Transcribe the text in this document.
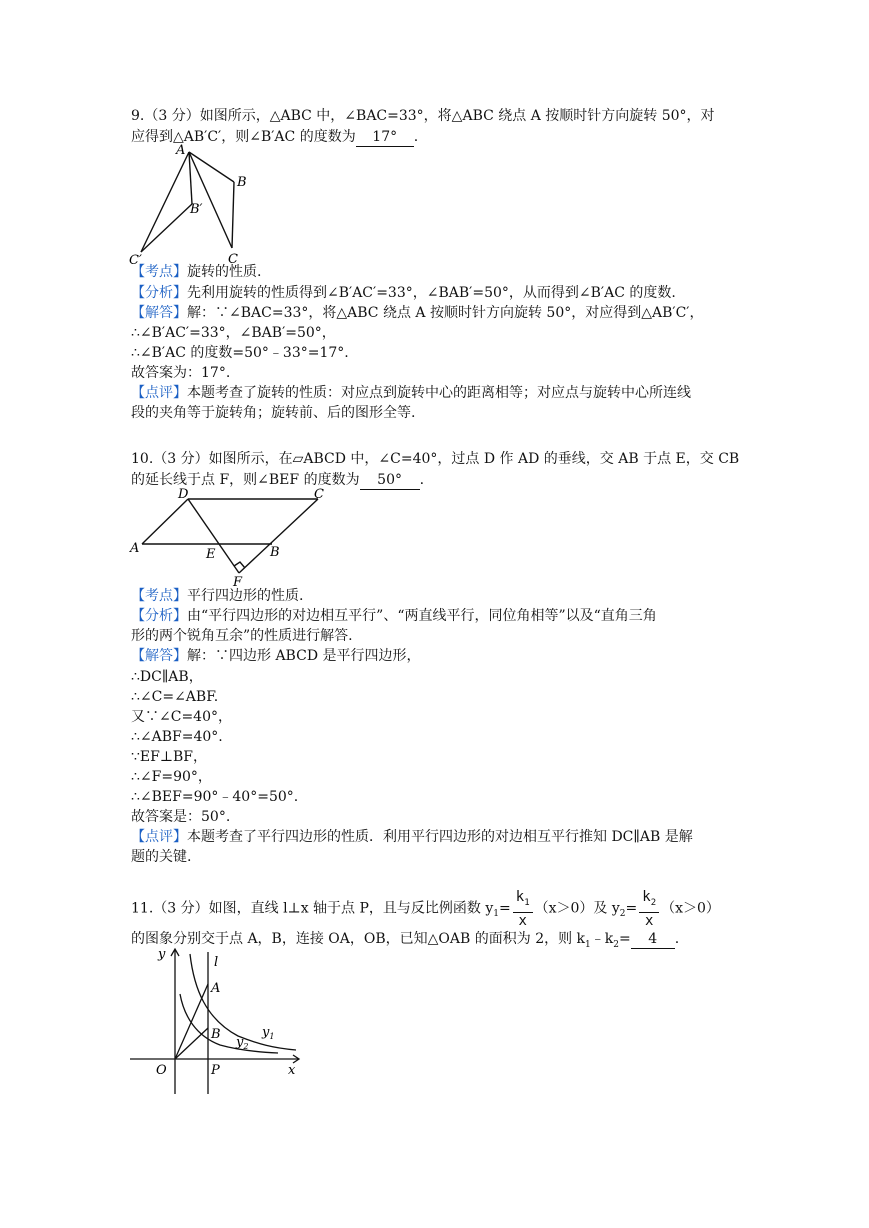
9.（3 分）如图所示，△ABC 中，∠BAC=33°，将△ABC 绕点 A 按顺时针方向旋转 50°，对
应得到△AB′C′，则∠B′AC 的度数为 17° .
A
B
B′
C
C′
【考点】旋转的性质.
【分析】先利用旋转的性质得到∠B′AC′=33°，∠BAB′=50°，从而得到∠B′AC 的度数.
【解答】解：∵∠BAC=33°，将△ABC 绕点 A 按顺时针方向旋转 50°，对应得到△AB′C′，
∴∠B′AC′=33°，∠BAB′=50°，
∴∠B′AC 的度数=50°﹣33°=17°.
故答案为：17°.
【点评】本题考查了旋转的性质：对应点到旋转中心的距离相等；对应点与旋转中心所连线
段的夹角等于旋转角；旋转前、后的图形全等.
10.（3 分）如图所示，在▱ABCD 中，∠C=40°，过点 D 作 AD 的垂线，交 AB 于点 E，交 CB
的延长线于点 F，则∠BEF 的度数为 50° .
D	C
A	E	B
F
【考点】平行四边形的性质.
【分析】由“平行四边形的对边相互平行”、“两直线平行，同位角相等”以及“直角三角
形的两个锐角互余”的性质进行解答.
【解答】解：∵四边形 ABCD 是平行四边形，
∴DC∥AB，
∴∠C=∠ABF.
又∵∠C=40°，
∴∠ABF=40°.
∵EF⊥BF，
∴∠F=90°，
∴∠BEF=90°﹣40°=50°.
故答案是：50°.
【点评】本题考查了平行四边形的性质．利用平行四边形的对边相互平行推知 DC∥AB 是解
题的关键.
11.（3 分）如图，直线 l⊥x 轴于点 P，且与反比例函数 $y_1= \frac{k_1}{x} (x>0)$及 $y_2= \frac{k_2}{x} (x>0)$
的图象分别交于点 A，B，连接 OA，OB，已知△OAB 的面积为 2，则 $k_1﹣k_2= 4$ .
y
l
A
B	$y_1$
$y_2$
O	P	x
